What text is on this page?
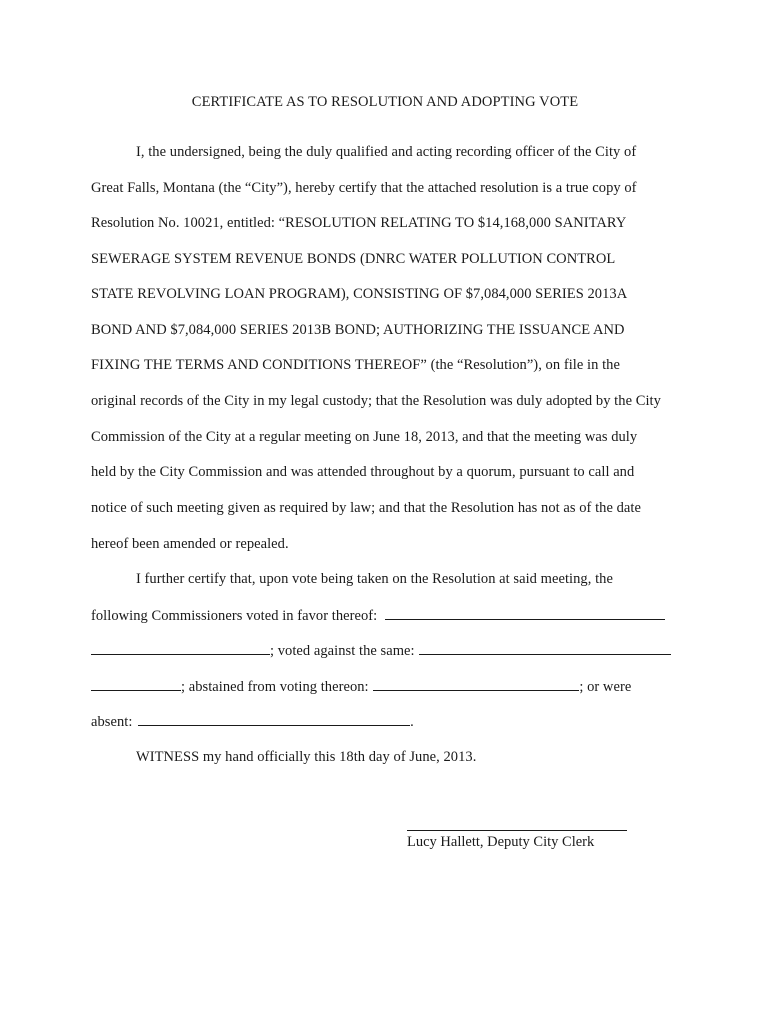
CERTIFICATE AS TO RESOLUTION AND ADOPTING VOTE
I, the undersigned, being the duly qualified and acting recording officer of the City of
Great Falls, Montana (the “City”), hereby certify that the attached resolution is a true copy of
Resolution No. 10021, entitled: “RESOLUTION RELATING TO $14,168,000 SANITARY
SEWERAGE SYSTEM REVENUE BONDS (DNRC WATER POLLUTION CONTROL
STATE REVOLVING LOAN PROGRAM), CONSISTING OF $7,084,000 SERIES 2013A
BOND AND $7,084,000 SERIES 2013B BOND; AUTHORIZING THE ISSUANCE AND
FIXING THE TERMS AND CONDITIONS THEREOF” (the “Resolution”), on file in the
original records of the City in my legal custody; that the Resolution was duly adopted by the City
Commission of the City at a regular meeting on June 18, 2013, and that the meeting was duly
held by the City Commission and was attended throughout by a quorum, pursuant to call and
notice of such meeting given as required by law; and that the Resolution has not as of the date
hereof been amended or repealed.
I further certify that, upon vote being taken on the Resolution at said meeting, the
following Commissioners voted in favor thereof:
; voted against the same:
; abstained from voting thereon:	; or were
absent:	.
WITNESS my hand officially this 18th day of June, 2013.
Lucy Hallett, Deputy City Clerk
